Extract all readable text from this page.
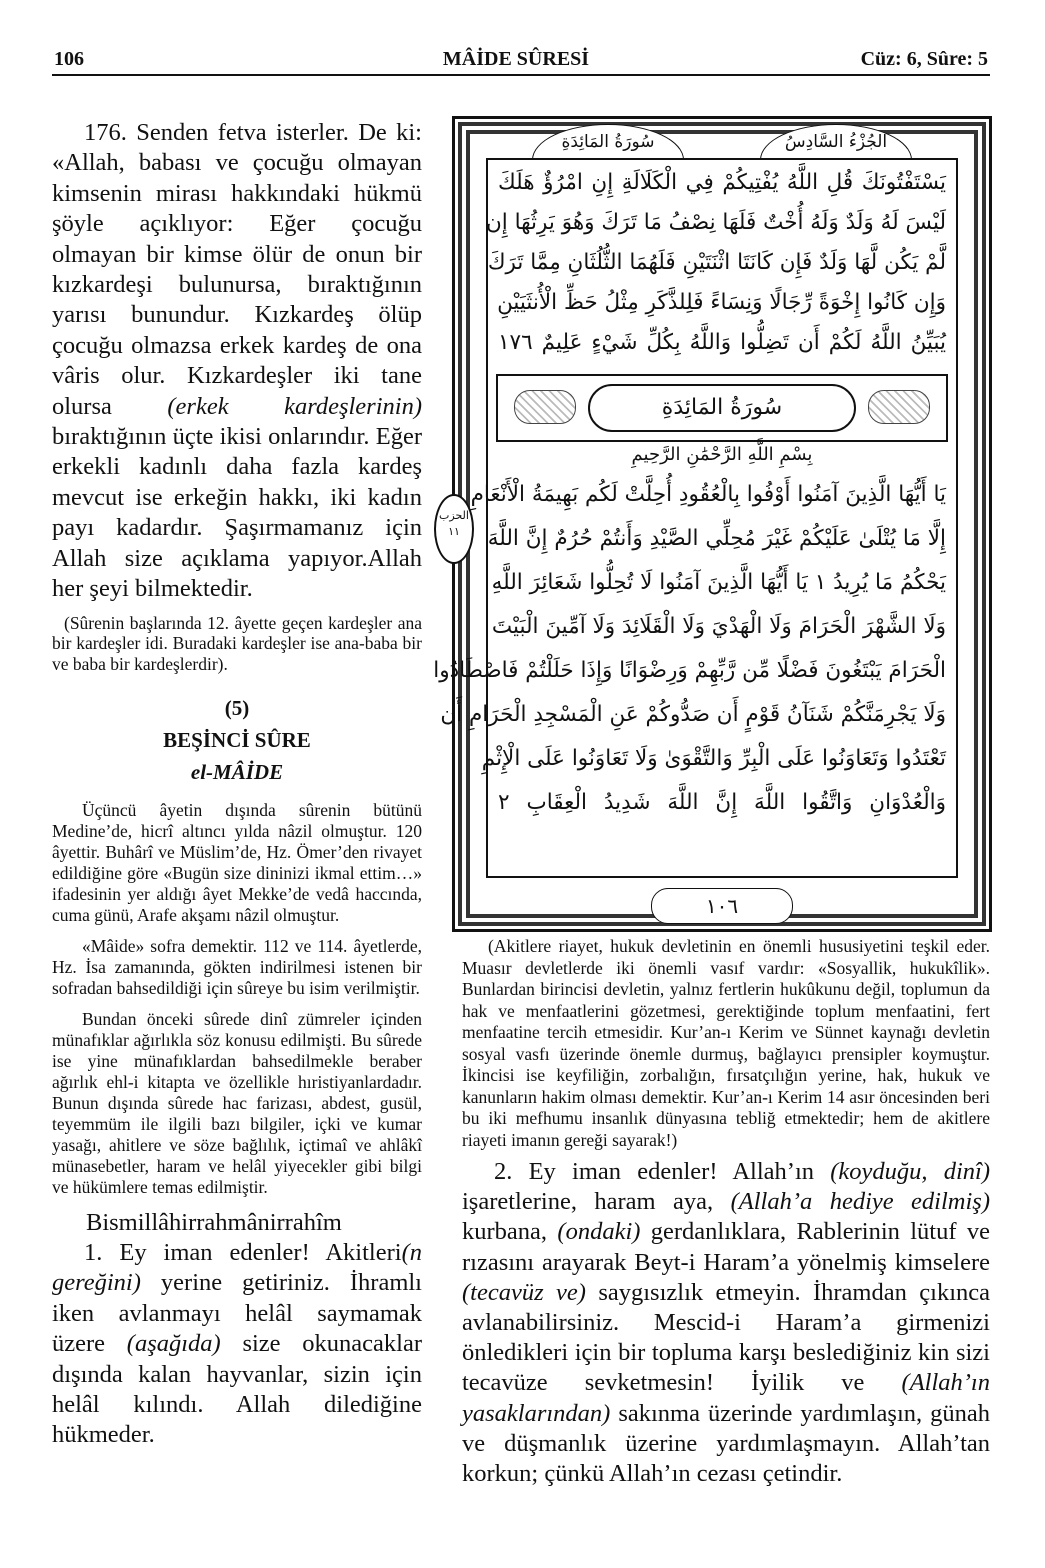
106	MÂİDE SÛRESİ	Cüz: 6, Sûre: 5

176. Senden fetva isterler. De ki: «Allah, babası ve çocuğu olmayan kimsenin mirası hakkındaki hükmü şöyle açıklıyor: Eğer çocuğu olmayan bir kimse ölür de onun bir kızkardeşi bulunursa, bıraktığının yarısı bunundur. Kızkardeş ölüp çocuğu olmazsa erkek kardeş de ona vâris olur. Kızkardeşler iki tane olursa (erkek kardeşlerinin) bıraktığının üçte ikisi onlarındır. Eğer erkekli kadınlı daha fazla kardeş mevcut ise erkeğin hakkı, iki kadın payı kadardır. Şaşırmamanız için Allah size açıklama yapıyor.Allah her şeyi bilmektedir.

(Sûrenin başlarında 12. âyette geçen kardeşler ana bir kardeşler idi. Buradaki kardeşler ise ana-baba bir ve baba bir kardeşlerdir).

(5)
BEŞİNCİ SÛRE
el-MÂİDE

Üçüncü âyetin dışında sûrenin bütünü Medine’de, hicrî altıncı yılda nâzil olmuştur. 120 âyettir. Buhârî ve Müslim’de, Hz. Ömer’den rivayet edildiğine göre «Bugün size dininizi ikmal ettim…» ifadesinin yer aldığı âyet Mekke’de vedâ haccında, cuma günü, Arafe akşamı nâzil olmuştur.

«Mâide» sofra demektir. 112 ve 114. âyetlerde, Hz. İsa zamanında, gökten indirilmesi istenen bir sofradan bahsedildiği için sûreye bu isim verilmiştir.

Bundan önceki sûrede dinî zümreler içinden münafıklar ağırlıkla söz konusu edilmişti. Bu sûrede ise yine münafıklardan bahsedilmekle beraber ağırlık ehl-i kitapta ve özellikle hıristiyanlardadır. Bunun dışında sûrede hac farizası, abdest, gusül, teyemmüm ile ilgili bazı bilgiler, içki ve kumar yasağı, ahitlere ve söze bağlılık, içtimaî ve ahlâkî münasebetler, haram ve helâl yiyecekler gibi bilgi ve hükümlere temas edilmiştir.

Bismillâhirrahmânirrahîm

1. Ey iman edenler! Akitleri(n gereğini) yerine getiriniz. İhramlı iken avlanmayı helâl saymamak üzere (aşağıda) size okunacaklar dışında kalan hayvanlar, sizin için helâl kılındı. Allah dilediğine hükmeder.

سُورَةُ المَائِدَةِ	الجُزْءُ السَّادِسُ
يَسْتَفْتُونَكَ قُلِ اللَّهُ يُفْتِيكُمْ فِي الْكَلَالَةِ إِنِ امْرُؤٌ هَلَكَ
لَيْسَ لَهُ وَلَدٌ وَلَهُ أُخْتٌ فَلَهَا نِصْفُ مَا تَرَكَ وَهُوَ يَرِثُهَا إِن
لَّمْ يَكُن لَّهَا وَلَدٌ فَإِن كَانَتَا اثْنَتَيْنِ فَلَهُمَا الثُّلُثَانِ مِمَّا تَرَكَ
وَإِن كَانُوا إِخْوَةً رِّجَالًا وَنِسَاءً فَلِلذَّكَرِ مِثْلُ حَظِّ الْأُنثَيَيْنِ
يُبَيِّنُ اللَّهُ لَكُمْ أَن تَضِلُّوا وَاللَّهُ بِكُلِّ شَيْءٍ عَلِيمٌ ١٧٦
سُورَةُ المَائِدَةِ
بِسْمِ اللَّهِ الرَّحْمَٰنِ الرَّحِيمِ
يَا أَيُّهَا الَّذِينَ آمَنُوا أَوْفُوا بِالْعُقُودِ أُحِلَّتْ لَكُم بَهِيمَةُ الْأَنْعَامِ
إِلَّا مَا يُتْلَىٰ عَلَيْكُمْ غَيْرَ مُحِلِّي الصَّيْدِ وَأَنتُمْ حُرُمٌ إِنَّ اللَّهَ
يَحْكُمُ مَا يُرِيدُ ١ يَا أَيُّهَا الَّذِينَ آمَنُوا لَا تُحِلُّوا شَعَائِرَ اللَّهِ
وَلَا الشَّهْرَ الْحَرَامَ وَلَا الْهَدْيَ وَلَا الْقَلَائِدَ وَلَا آمِّينَ الْبَيْتَ
الْحَرَامَ يَبْتَغُونَ فَضْلًا مِّن رَّبِّهِمْ وَرِضْوَانًا وَإِذَا حَلَلْتُمْ فَاصْطَادُوا
وَلَا يَجْرِمَنَّكُمْ شَنَآنُ قَوْمٍ أَن صَدُّوكُمْ عَنِ الْمَسْجِدِ الْحَرَامِ أَن
تَعْتَدُوا وَتَعَاوَنُوا عَلَى الْبِرِّ وَالتَّقْوَىٰ وَلَا تَعَاوَنُوا عَلَى الْإِثْمِ
وَالْعُدْوَانِ وَاتَّقُوا اللَّهَ إِنَّ اللَّهَ شَدِيدُ الْعِقَابِ ٢
الحزب
١١
١٠٦

(Akitlere riayet, hukuk devletinin en önemli hususiyetini teşkil eder. Muasır devletlerde iki önemli vasıf vardır: «Sosyallik, hukukîlik». Bunlardan birincisi devletin, yalnız fertlerin hukûkunu değil, toplumun da hak ve menfaatlerini gözetmesi, gerektiğinde toplum menfaatini, fert menfaatine tercih etmesidir. Kur’an-ı Kerim ve Sünnet kaynağı devletin sosyal vasfı üzerinde önemle durmuş, bağlayıcı prensipler koymuştur. İkincisi ise keyfiliğin, zorbalığın, fırsatçılığın yerine, hak, hukuk ve kanunların hakim olması demektir. Kur’an-ı Kerim 14 asır öncesinden beri bu iki mefhumu insanlık dünyasına tebliğ etmektedir; hem de akitlere riayeti imanın gereği sayarak!)

2. Ey iman edenler! Allah’ın (koyduğu, dinî) işaretlerine, haram aya, (Allah’a hediye edilmiş) kurbana, (ondaki) gerdanlıklara, Rablerinin lütuf ve rızasını arayarak Beyt-i Haram’a yönelmiş kimselere (tecavüz ve) saygısızlık etmeyin. İhramdan çıkınca avlanabilirsiniz. Mescid-i Haram’a girmenizi önledikleri için bir topluma karşı beslediğiniz kin sizi tecavüze sevketmesin! İyilik ve (Allah’ın yasaklarından) sakınma üzerinde yardımlaşın, günah ve düşmanlık üzerine yardımlaşmayın. Allah’tan korkun; çünkü Allah’ın cezası çetindir.
